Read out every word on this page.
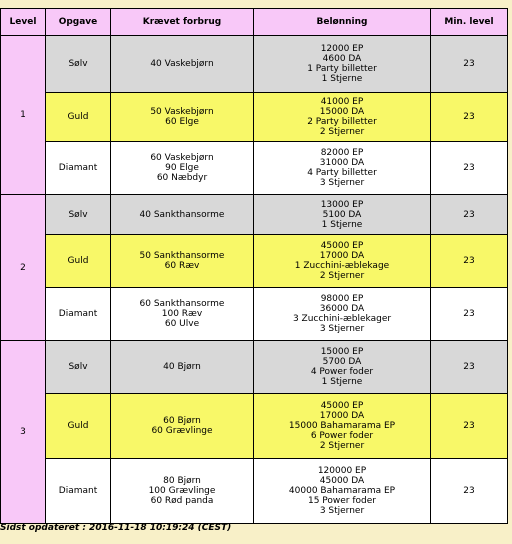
Level	Opgave	Krævet forbrug	Belønning	Min. level
1	Sølv	40 Vaskebjørn	12000 EP
4600 DA
1 Party billetter
1 Stjerne	23
	Guld	50 Vaskebjørn
60 Elge	41000 EP
15000 DA
2 Party billetter
2 Stjerner	23
	Diamant	60 Vaskebjørn
90 Elge
60 Næbdyr	82000 EP
31000 DA
4 Party billetter
3 Stjerner	23
2	Sølv	40 Sankthansorme	13000 EP
5100 DA
1 Stjerne	23
	Guld	50 Sankthansorme
60 Ræv	45000 EP
17000 DA
1 Zucchini-æblekage
2 Stjerner	23
	Diamant	60 Sankthansorme
100 Ræv
60 Ulve	98000 EP
36000 DA
3 Zucchini-æblekager
3 Stjerner	23
3	Sølv	40 Bjørn	15000 EP
5700 DA
4 Power foder
1 Stjerne	23
	Guld	60 Bjørn
60 Grævlinge	45000 EP
17000 DA
15000 Bahamarama EP
6 Power foder
2 Stjerner	23
	Diamant	80 Bjørn
100 Grævlinge
60 Rød panda	120000 EP
45000 DA
40000 Bahamarama EP
15 Power foder
3 Stjerner	23
Sidst opdateret : 2016-11-18 10:19:24 (CEST)
